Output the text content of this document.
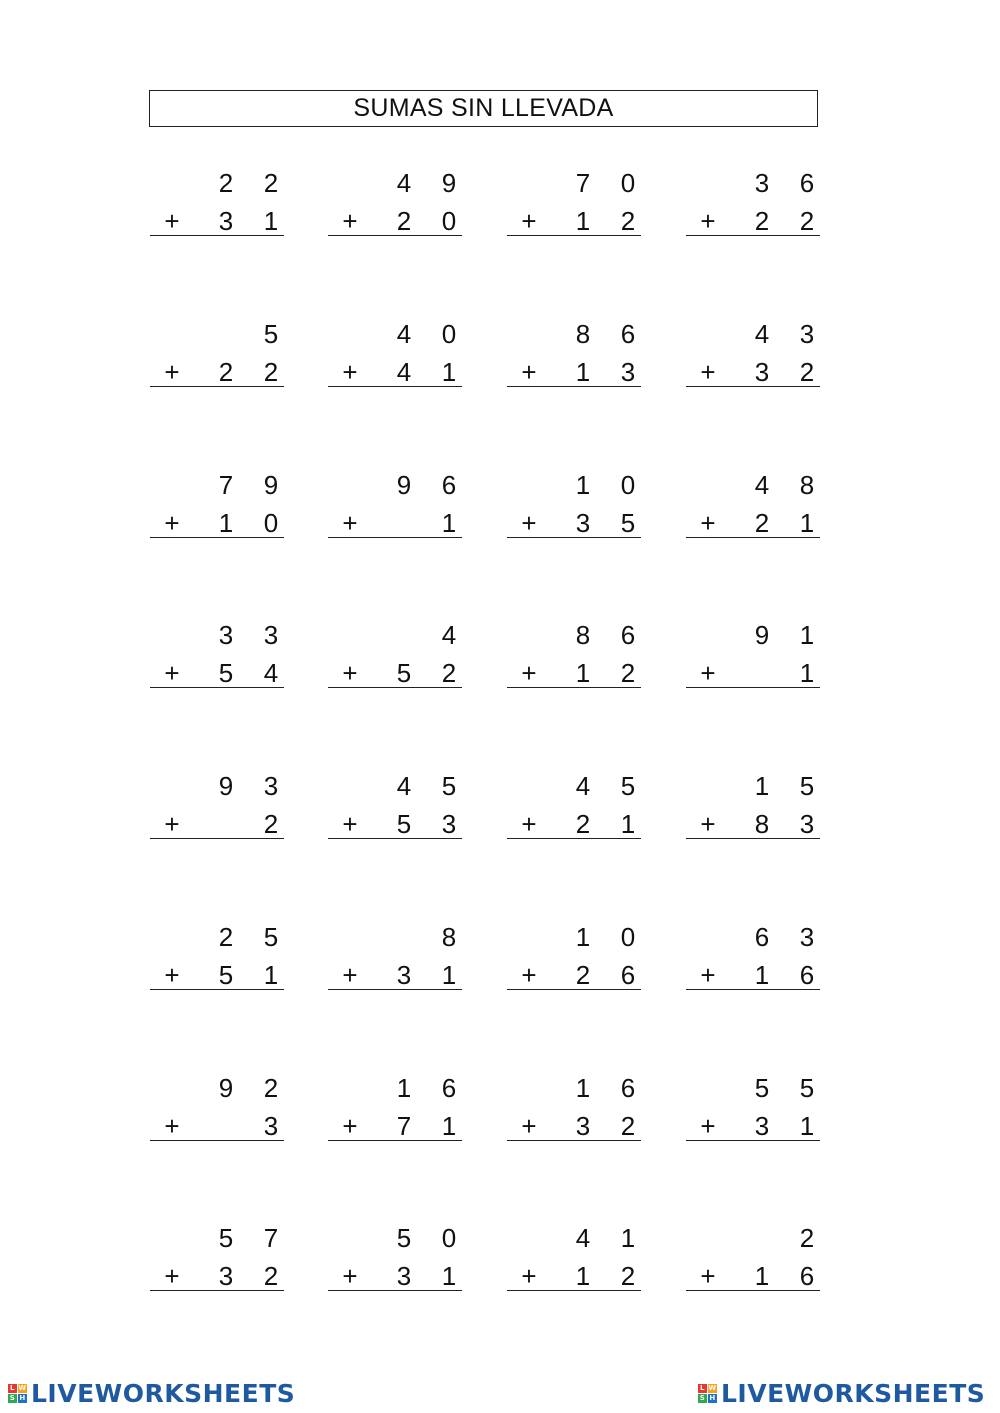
SUMAS SIN LLEVADA
2 2
+ 3 1
4 9
+ 2 0
7 0
+ 1 2
3 6
+ 2 2
5
+ 2 2
4 0
+ 4 1
8 6
+ 1 3
4 3
+ 3 2
7 9
+ 1 0
9 6
+	1
1 0
+ 3 5
4 8
+ 2 1
3 3
+ 5 4
4
+ 5 2
8 6
+ 1 2
9 1
+	1
9 3
+	2
4 5
+ 5 3
4 5
+ 2 1
1 5
+ 8 3
2 5
+ 5 1
8
+ 3 1
1 0
+ 2 6
6 3
+ 1 6
9 2
+	3
1 6
+ 7 1
1 6
+ 3 2
5 5
+ 3 1
5 7
+ 3 2
5 0
+ 3 1
4 1
+ 1 2
2
+ 1 6
L W
S H LIVEWORKSHEETS	L W
S H LIVEWORKSHEETS
